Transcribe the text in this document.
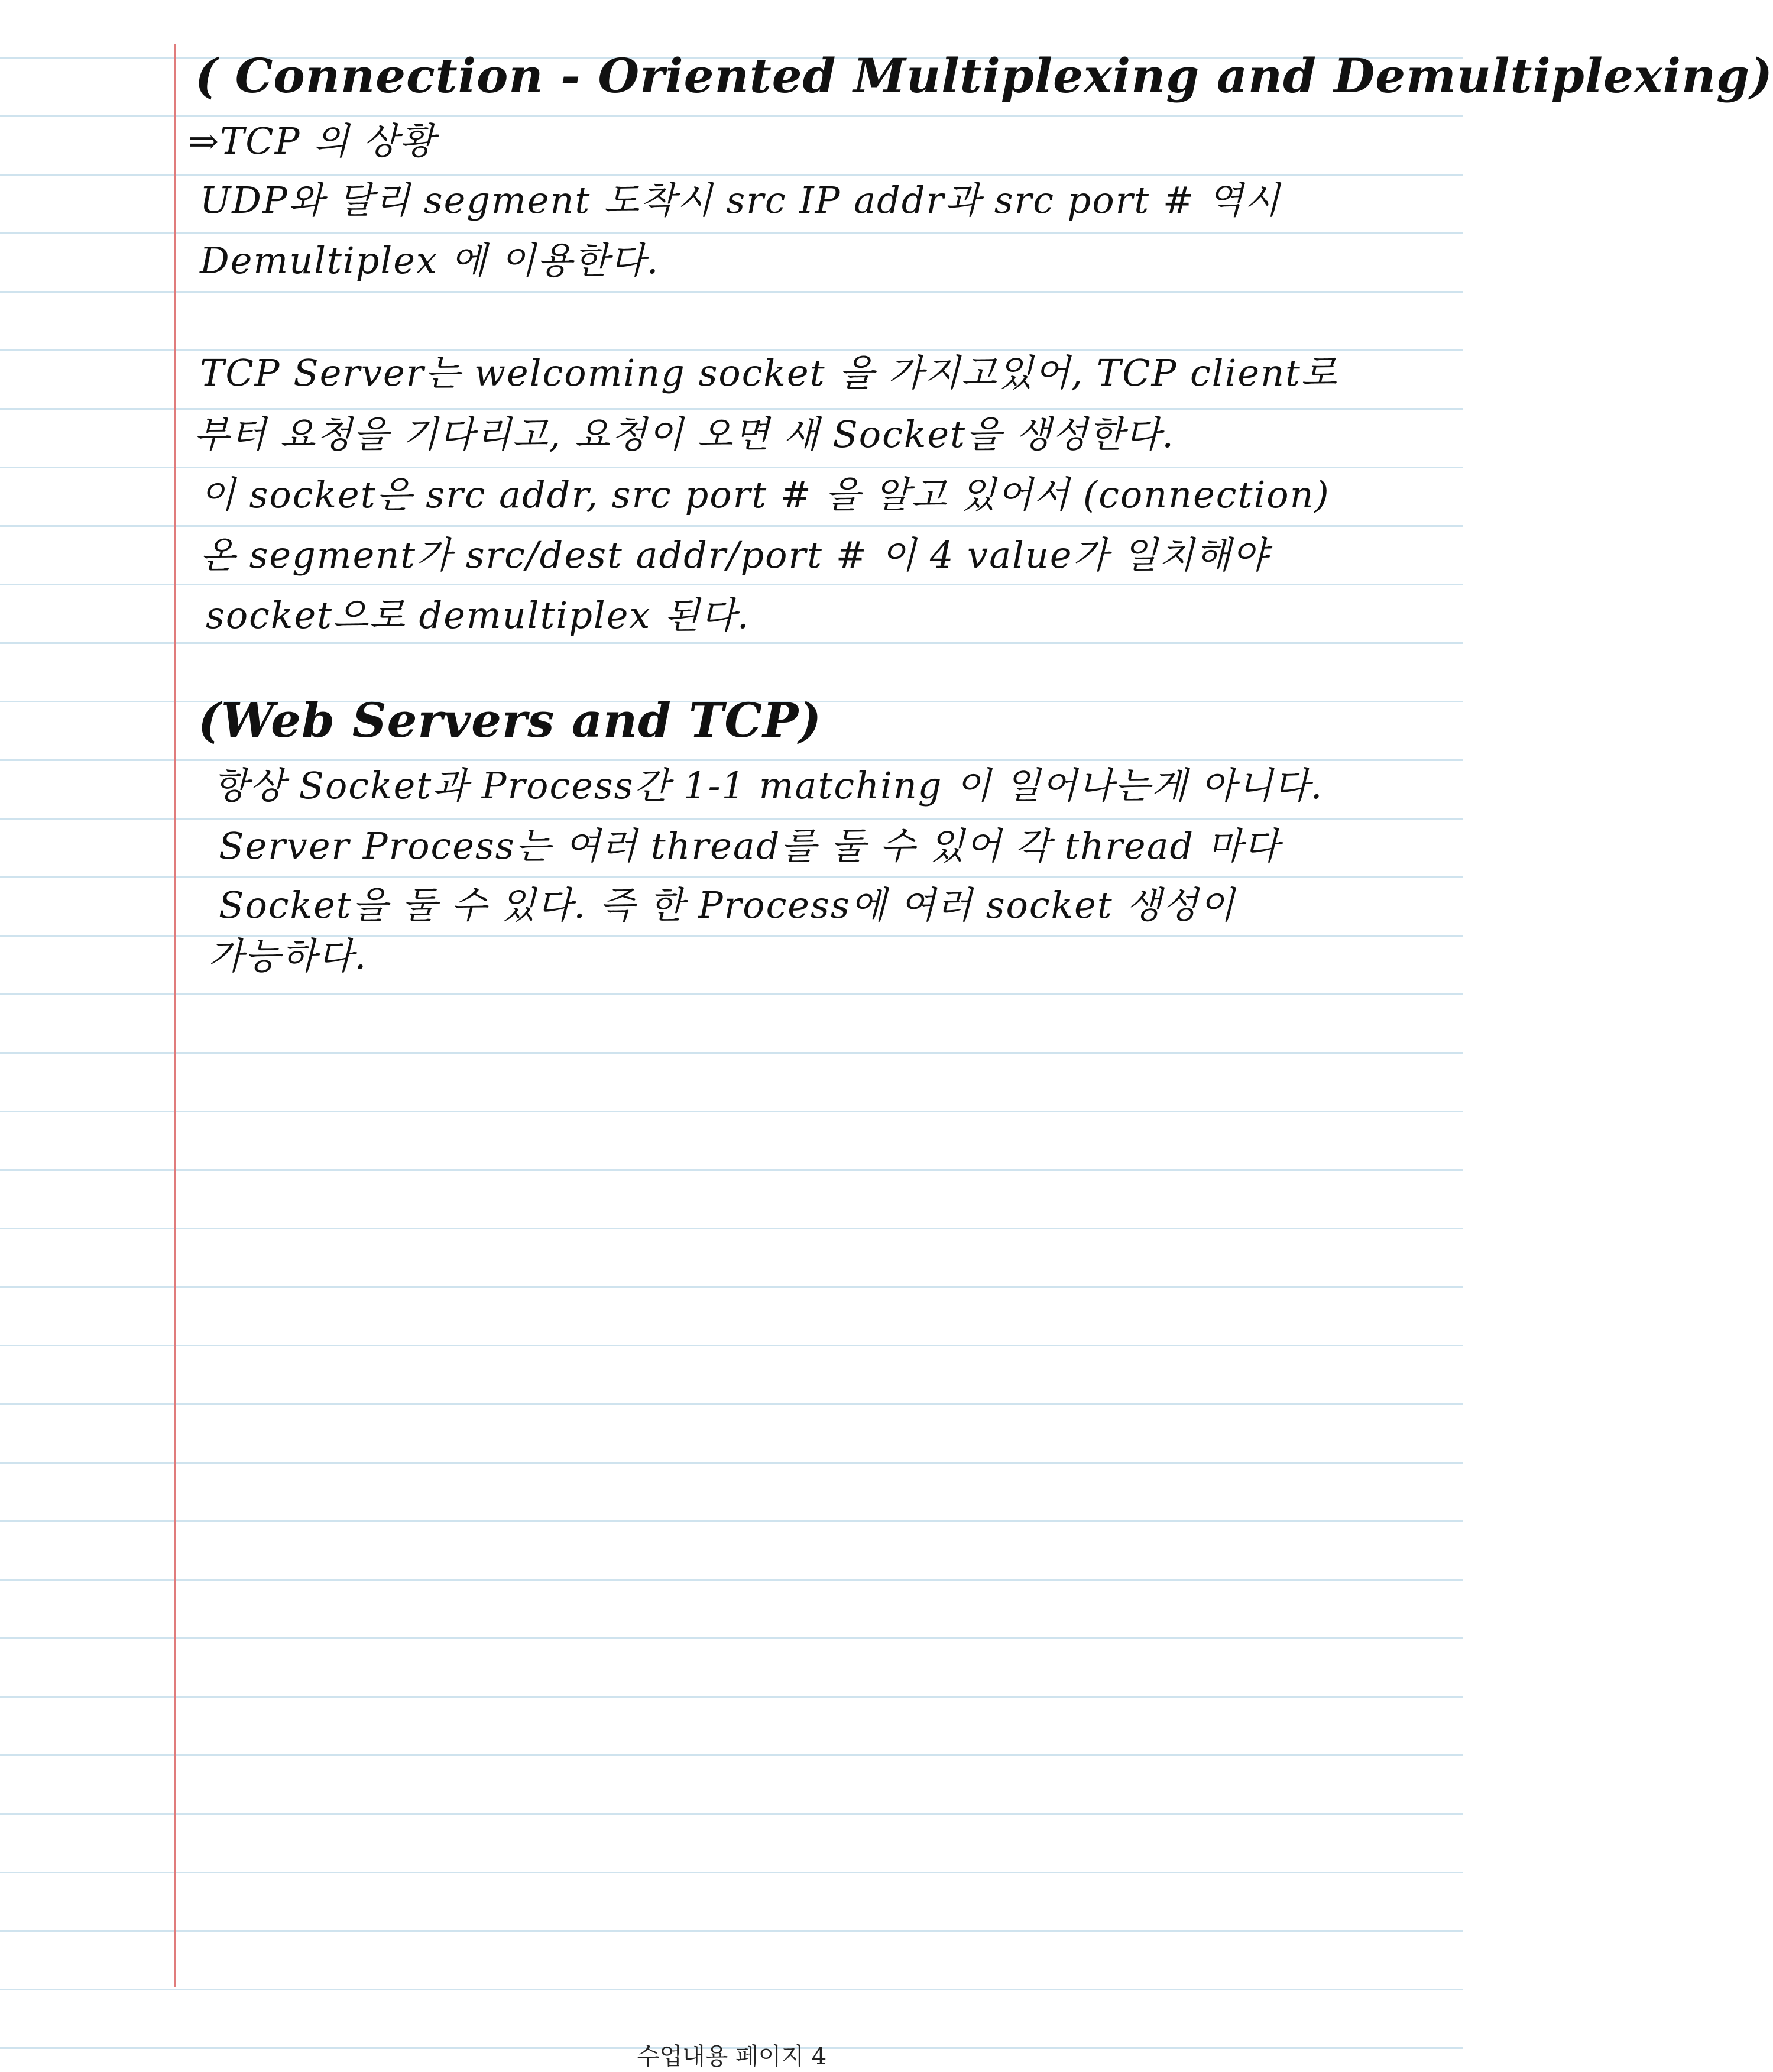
( Connection - Oriented Multiplexing and Demultiplexing)
⇒TCP 의 상황
UDP와 달리 segment 도착시 src IP addr과 src port # 역시
Demultiplex 에 이용한다.
TCP Server는 welcoming socket 을 가지고있어, TCP client로
부터 요청을 기다리고, 요청이 오면 새 Socket을 생성한다.
이 socket은 src addr, src port # 을 알고 있어서 (connection)
온 segment가 src/dest addr/port # 이 4 value가 일치해야
socket으로 demultiplex 된다.
(Web Servers and TCP)
항상 Socket과 Process간 1-1 matching 이 일어나는게 아니다.
Server Process는 여러 thread를 둘 수 있어 각 thread 마다
Socket을 둘 수 있다. 즉 한 Process에 여러 socket 생성이
가능하다.
수업내용 페이지 4
